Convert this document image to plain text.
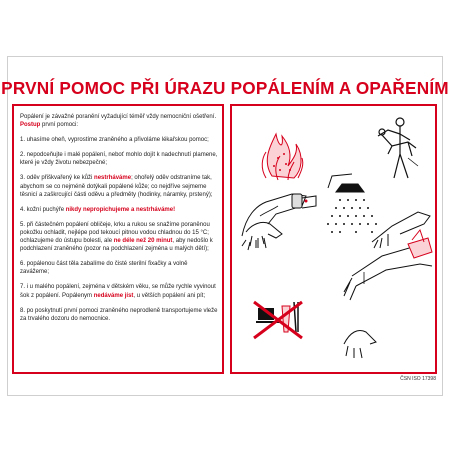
PRVNÍ POMOC PŘI ÚRAZU POPÁLENÍM A OPAŘENÍM

Popálení je závažné poranění vyžadující téměř vždy nemocniční ošetření. Postup první pomoci:

1. uhasíme oheň, vyprostíme zraněného a přivoláme lékařskou pomoc;

2. nepodceňujte i malé popálení, neboť mohlo dojít k nadechnutí plamene, které je vždy životu nebezpečné;

3. oděv přiškvařený ke kůži nestrháváme; ohořelý oděv odstraníme tak, abychom se co nejméně dotýkali popálené kůže; co nejdříve sejmeme těsnicí a zaškrcující části oděvu a předměty (hodinky, náramky, prstený);

4. kožní puchýře nikdy nepropichujeme a nestrháváme!

5. při částečném popálení obličeje, krku a rukou se snažíme poraněnou pokožku ochladit, nejlépe pod tekoucí pitnou vodou chladnou do 15 °C; ochlazujeme do ústupu bolesti, ale ne déle než 20 minut, aby nedošlo k podchlazení zraněného (pozor na podchlazení zejména u malých dětí);

6. popálenou část těla zabalíme do čisté sterilní fixačky a volně zavážeme;

7. i u malého popálení, zejména v dětském věku, se může rychle vyvinout šok z popálení. Popálenym nedáváme jíst, u větších popálení ani pít;

8. po poskytnutí první pomoci zraněného neprodleně transportujeme vleže za trvalého dozoru do nemocnice.

ČSN ISO 17398
